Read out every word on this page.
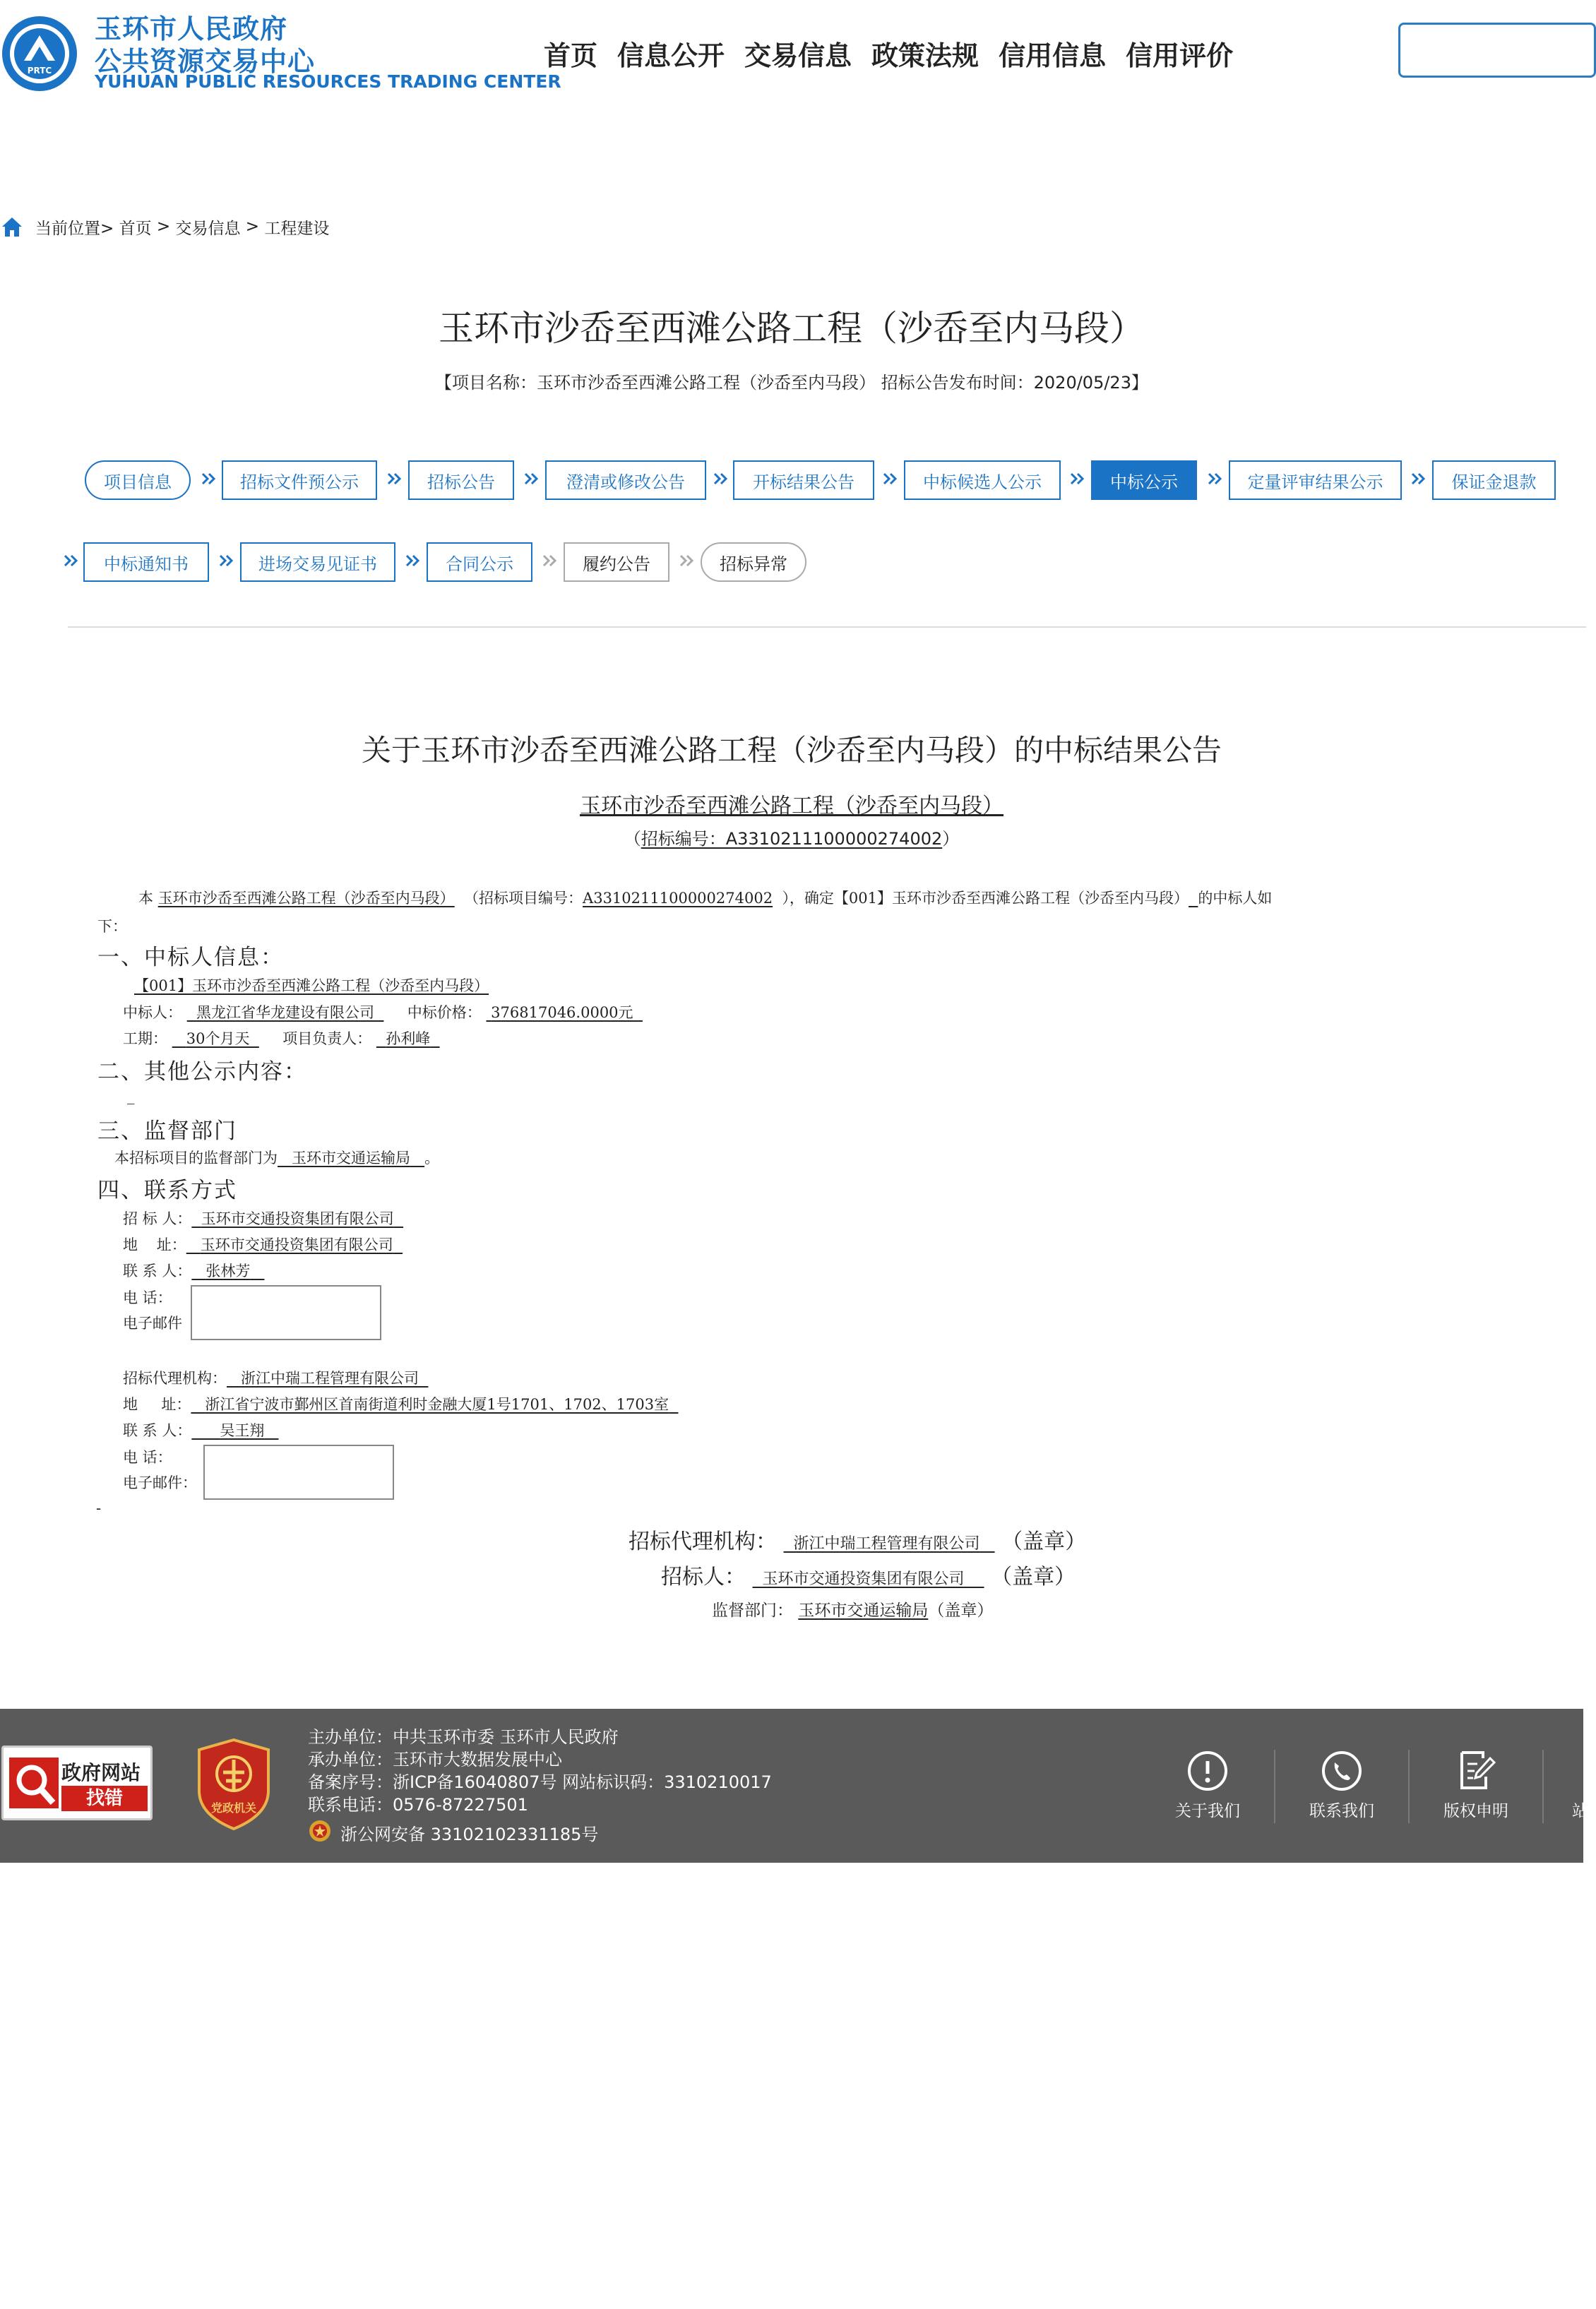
PRTC
玉环市人民政府
公共资源交易中心
YUHUAN PUBLIC RESOURCES TRADING CENTER
首页 信息公开 交易信息 政策法规 信用信息 信用评价
当前位置>
首页 > 交易信息 > 工程建设
玉环市沙岙至西滩公路工程（沙岙至内马段）
【项目名称：玉环市沙岙至西滩公路工程（沙岙至内马段） 招标公告发布时间：2020/05/23】
项目信息	招标文件预公示	招标公告	澄清或修改公告	开标结果公告	中标候选人公示	中标公示	定量评审结果公示	保证金退款
中标通知书	进场交易见证书	合同公示	履约公告	招标异常
关于玉环市沙岙至西滩公路工程（沙岙至内马段）的中标结果公告
玉环市沙岙至西滩公路工程（沙岙至内马段）
（招标编号：A3310211100000274002）
本 玉环市沙岙至西滩公路工程（沙岙至内马段） （招标项目编号：A3310211100000274002 ），确定【001】玉环市沙岙至西滩公路工程（沙岙至内马段） 的中标人如
下：
一、中标人信息：
【001】玉环市沙岙至西滩公路工程（沙岙至内马段）
中标人： 黑龙江省华龙建设有限公司 中标价格： 376817046.0000元
工期： 30个月天 项目负责人： 孙利峰
二、其他公示内容：
_
三、监督部门
本招标项目的监督部门为 玉环市交通运输局 。
四、联系方式
招 标 人： 玉环市交通投资集团有限公司
地    址： 玉环市交通投资集团有限公司
联 系 人： 张林芳
电 话：
电子邮件
招标代理机构： 浙江中瑞工程管理有限公司
地     址： 浙江省宁波市鄞州区首南街道利时金融大厦1号1701、1702、1703室
联 系 人： 吴王翔
电 话：
电子邮件：
-
招标代理机构： 浙江中瑞工程管理有限公司 （盖章）
招标人： 玉环市交通投资集团有限公司 （盖章）
监督部门： 玉环市交通运输局（盖章）
政府网站
找错	党政机关
主办单位：中共玉环市委 玉环市人民政府
承办单位：玉环市大数据发展中心
备案序号：浙ICP备16040807号 网站标识码：3310210017
联系电话：0576-87227501
浙公网安备 33102102331185号
关于我们	联系我们	版权申明	站
